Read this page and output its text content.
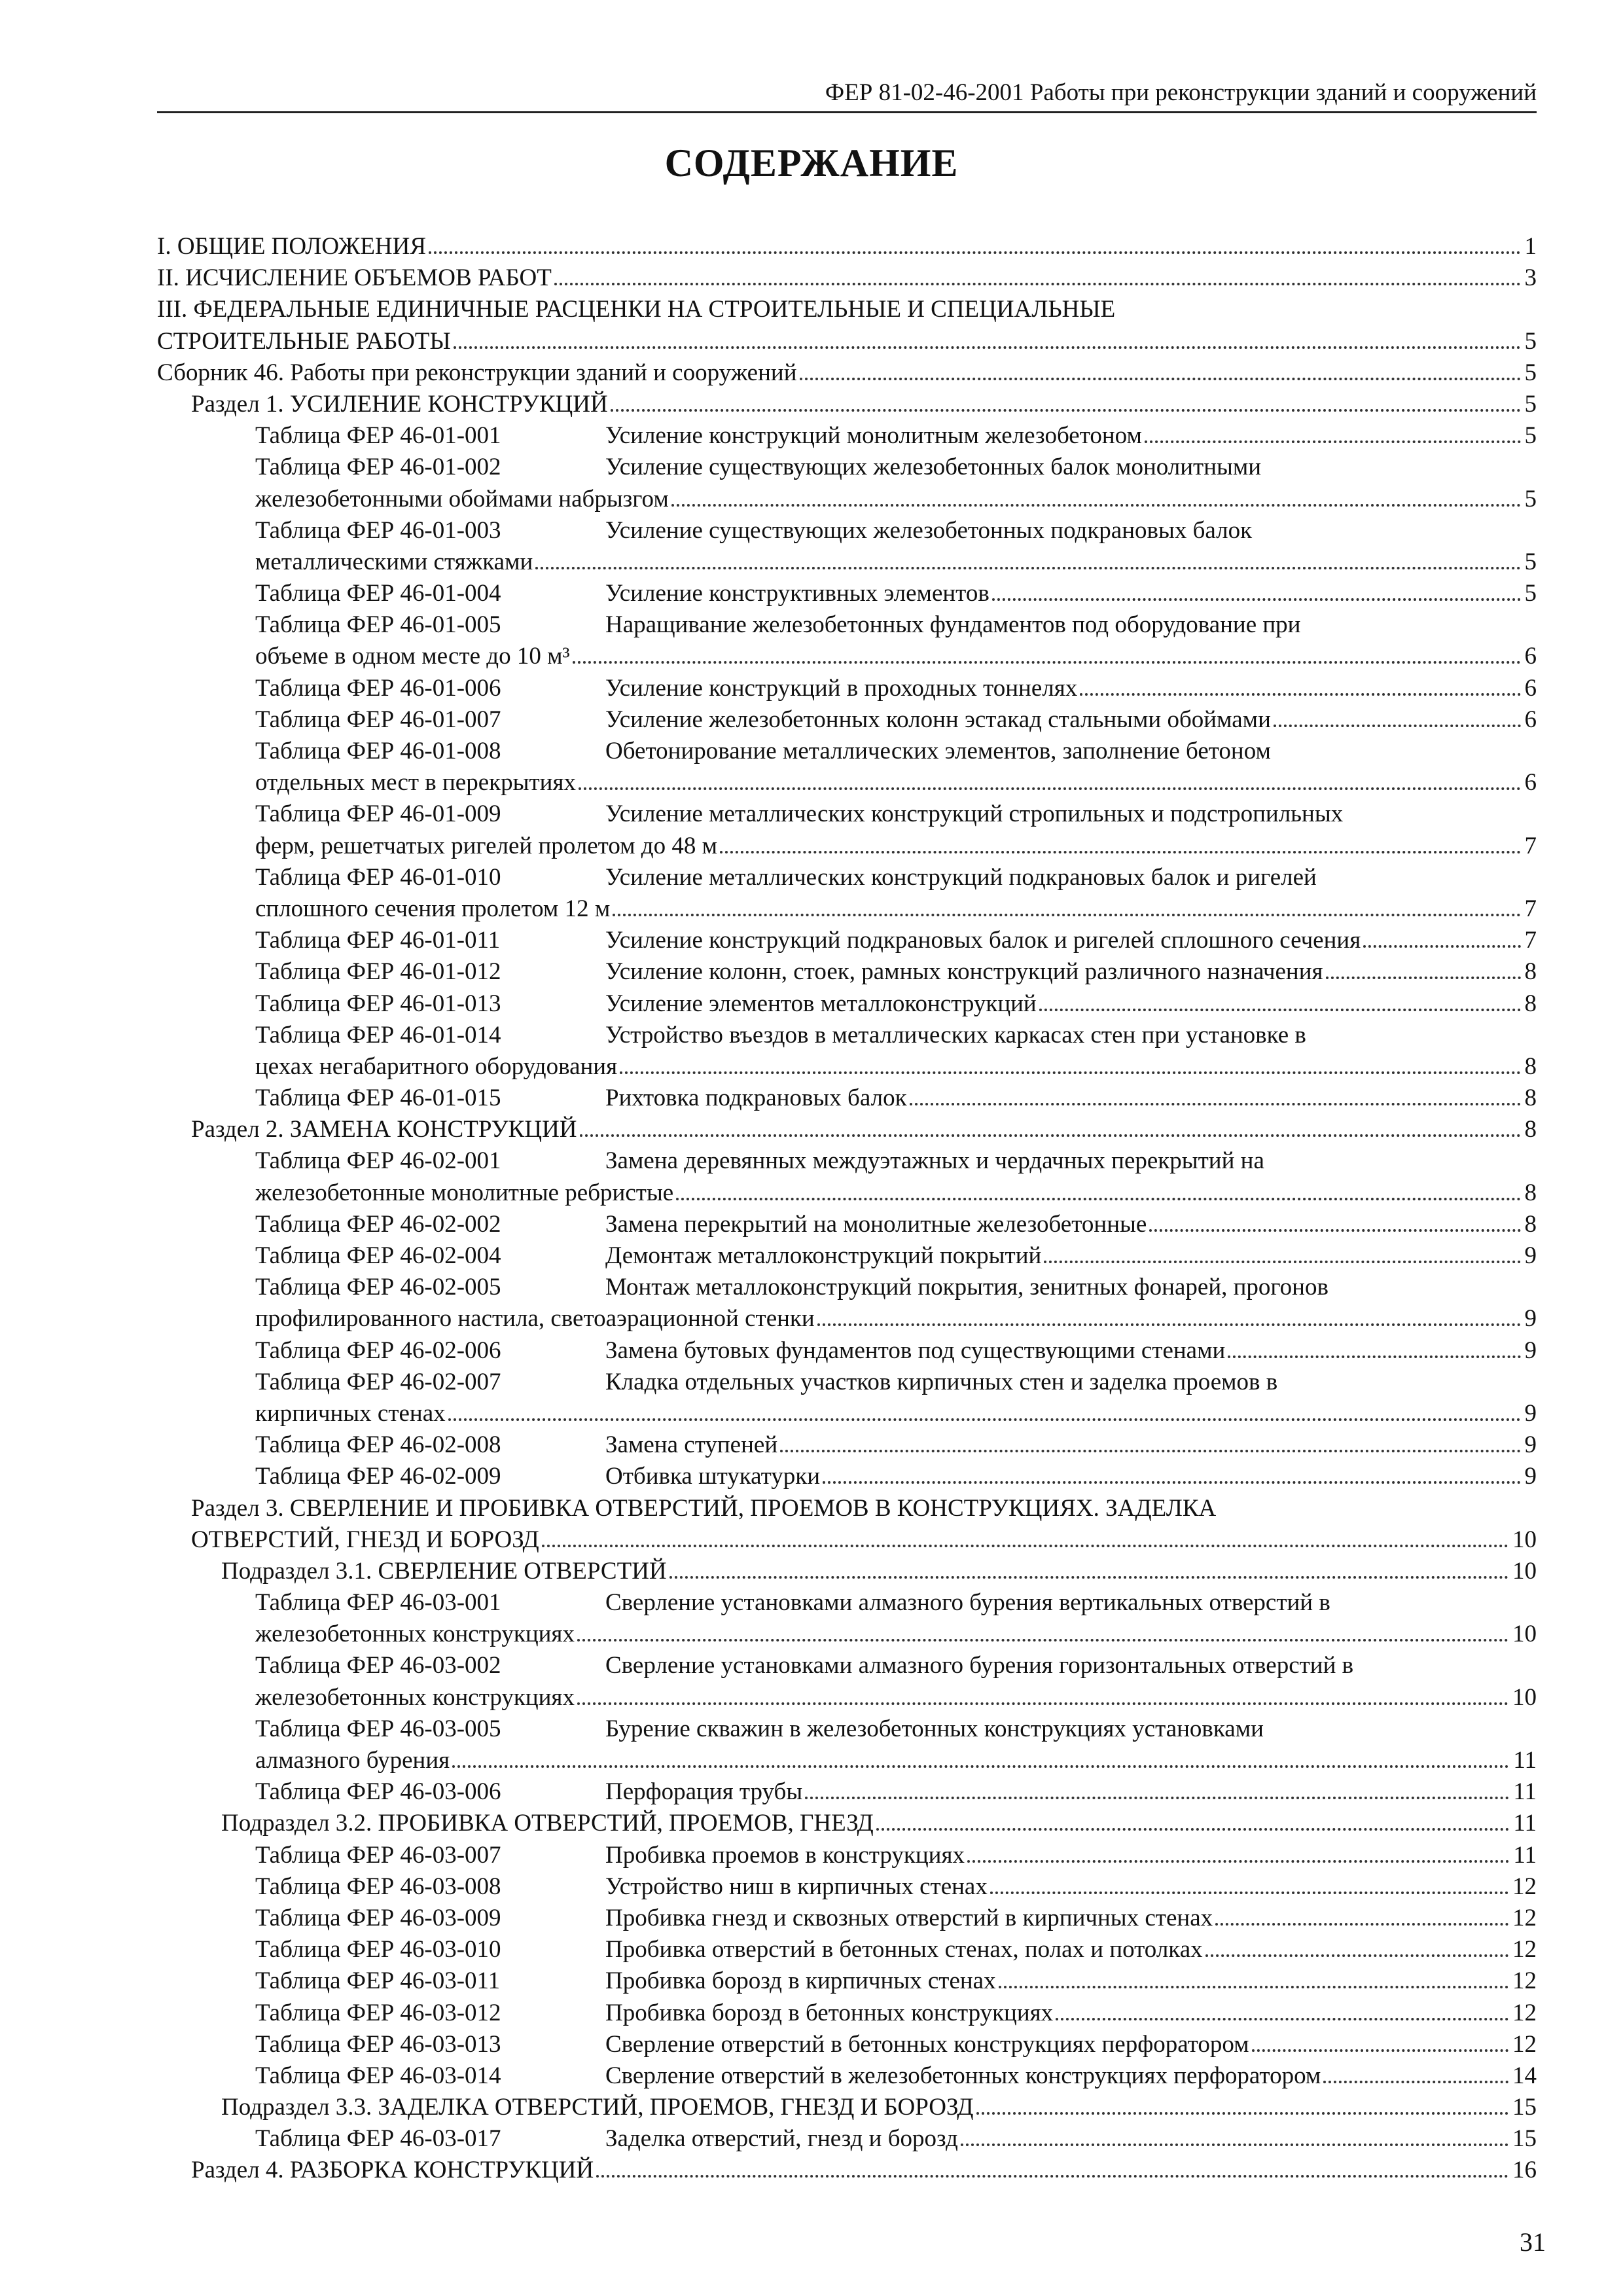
ФЕР 81-02-46-2001 Работы при реконструкции зданий и сооружений
СОДЕРЖАНИЕ
I. ОБЩИЕ ПОЛОЖЕНИЯ	1
II. ИСЧИСЛЕНИЕ ОБЪЕМОВ РАБОТ	3
III. ФЕДЕРАЛЬНЫЕ ЕДИНИЧНЫЕ РАСЦЕНКИ НА СТРОИТЕЛЬНЫЕ И СПЕЦИАЛЬНЫЕ
СТРОИТЕЛЬНЫЕ РАБОТЫ	5
Сборник 46. Работы при реконструкции зданий и сооружений	5
Раздел 1. УСИЛЕНИЕ КОНСТРУКЦИЙ	5
Таблица ФЕР 46-01-001	Усиление конструкций монолитным железобетоном	5
Таблица ФЕР 46-01-002	Усиление существующих железобетонных балок монолитными
железобетонными обоймами набрызгом	5
Таблица ФЕР 46-01-003	Усиление существующих железобетонных подкрановых балок
металлическими стяжками	5
Таблица ФЕР 46-01-004	Усиление конструктивных элементов	5
Таблица ФЕР 46-01-005	Наращивание железобетонных фундаментов под оборудование при
объеме в одном месте до 10 м³	6
Таблица ФЕР 46-01-006	Усиление конструкций в проходных тоннелях	6
Таблица ФЕР 46-01-007	Усиление железобетонных колонн эстакад стальными обоймами	6
Таблица ФЕР 46-01-008	Обетонирование металлических элементов, заполнение бетоном
отдельных мест в перекрытиях	6
Таблица ФЕР 46-01-009	Усиление металлических конструкций стропильных и подстропильных
ферм, решетчатых ригелей пролетом до 48 м	7
Таблица ФЕР 46-01-010	Усиление металлических конструкций подкрановых балок и ригелей
сплошного сечения пролетом 12 м	7
Таблица ФЕР 46-01-011	Усиление конструкций подкрановых балок и ригелей сплошного сечения	7
Таблица ФЕР 46-01-012	Усиление колонн, стоек, рамных конструкций различного назначения	8
Таблица ФЕР 46-01-013	Усиление элементов металлоконструкций	8
Таблица ФЕР 46-01-014	Устройство въездов в металлических каркасах стен при установке в
цехах негабаритного оборудования	8
Таблица ФЕР 46-01-015	Рихтовка подкрановых балок	8
Раздел 2. ЗАМЕНА КОНСТРУКЦИЙ	8
Таблица ФЕР 46-02-001	Замена деревянных междуэтажных и чердачных перекрытий на
железобетонные монолитные ребристые	8
Таблица ФЕР 46-02-002	Замена перекрытий на монолитные железобетонные	8
Таблица ФЕР 46-02-004	Демонтаж металлоконструкций покрытий	9
Таблица ФЕР 46-02-005	Монтаж металлоконструкций покрытия, зенитных фонарей, прогонов
профилированного настила, светоаэрационной стенки	9
Таблица ФЕР 46-02-006	Замена бутовых фундаментов под существующими стенами	9
Таблица ФЕР 46-02-007	Кладка отдельных участков кирпичных стен и заделка проемов в
кирпичных стенах	9
Таблица ФЕР 46-02-008	Замена ступеней	9
Таблица ФЕР 46-02-009	Отбивка штукатурки	9
Раздел 3. СВЕРЛЕНИЕ И ПРОБИВКА ОТВЕРСТИЙ, ПРОЕМОВ В КОНСТРУКЦИЯХ. ЗАДЕЛКА
ОТВЕРСТИЙ, ГНЕЗД И БОРОЗД	10
Подраздел 3.1. СВЕРЛЕНИЕ ОТВЕРСТИЙ	10
Таблица ФЕР 46-03-001	Сверление установками алмазного бурения вертикальных отверстий в
железобетонных конструкциях	10
Таблица ФЕР 46-03-002	Сверление установками алмазного бурения горизонтальных отверстий в
железобетонных конструкциях	10
Таблица ФЕР 46-03-005	Бурение скважин в железобетонных конструкциях установками
алмазного бурения	11
Таблица ФЕР 46-03-006	Перфорация трубы	11
Подраздел 3.2. ПРОБИВКА ОТВЕРСТИЙ, ПРОЕМОВ, ГНЕЗД	11
Таблица ФЕР 46-03-007	Пробивка проемов в конструкциях	11
Таблица ФЕР 46-03-008	Устройство ниш в кирпичных стенах	12
Таблица ФЕР 46-03-009	Пробивка гнезд и сквозных отверстий в кирпичных стенах	12
Таблица ФЕР 46-03-010	Пробивка отверстий в бетонных стенах, полах и потолках	12
Таблица ФЕР 46-03-011	Пробивка борозд в кирпичных стенах	12
Таблица ФЕР 46-03-012	Пробивка борозд в бетонных конструкциях	12
Таблица ФЕР 46-03-013	Сверление отверстий в бетонных конструкциях перфоратором	12
Таблица ФЕР 46-03-014	Сверление отверстий в железобетонных конструкциях перфоратором	14
Подраздел 3.3. ЗАДЕЛКА ОТВЕРСТИЙ, ПРОЕМОВ, ГНЕЗД И БОРОЗД	15
Таблица ФЕР 46-03-017	Заделка отверстий, гнезд и борозд	15
Раздел 4. РАЗБОРКА КОНСТРУКЦИЙ	16
31
